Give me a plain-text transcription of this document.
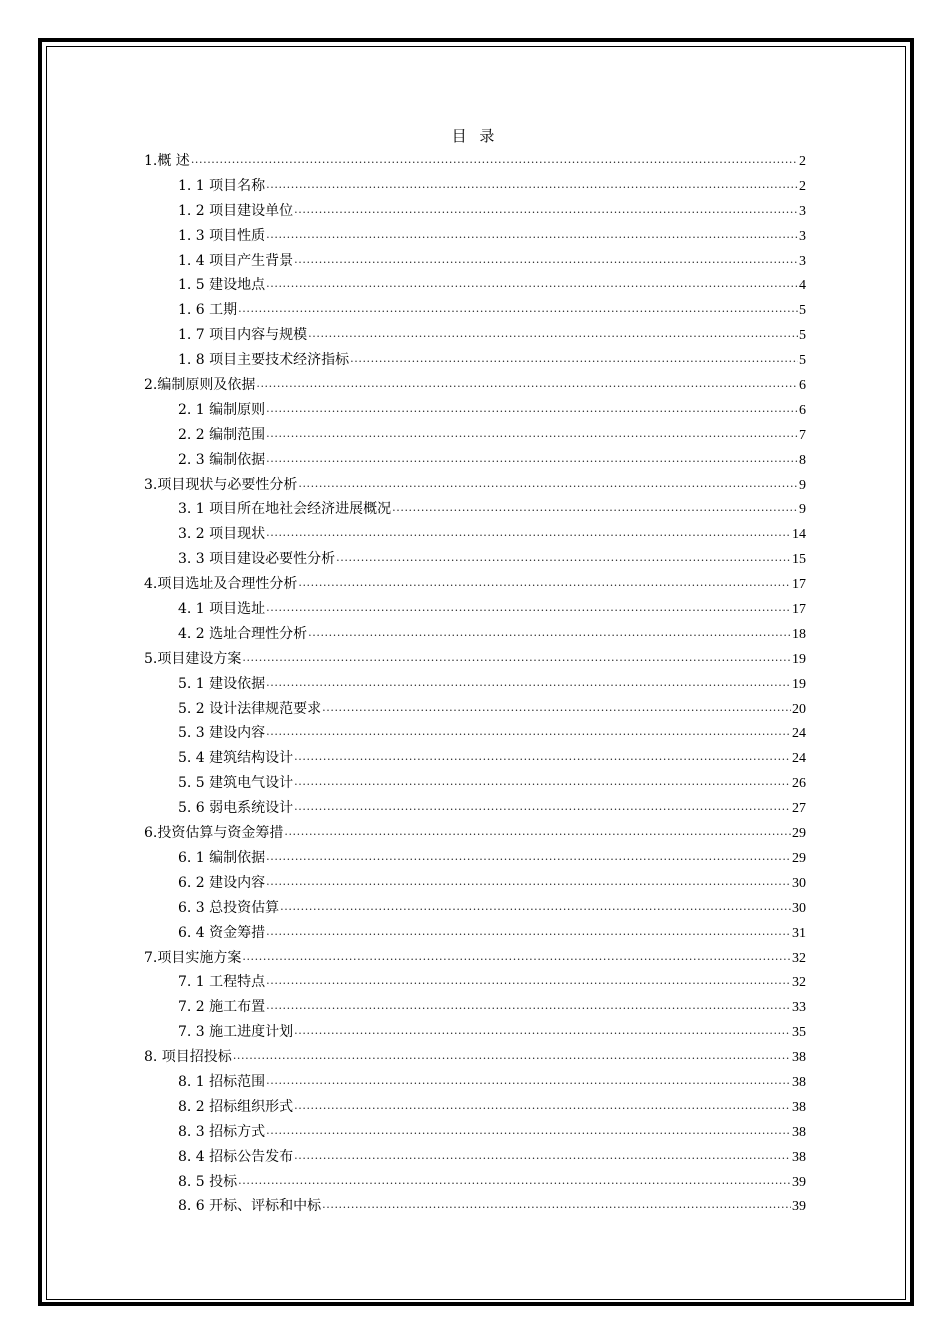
目 录
1.概 述 .....	2
1. 1 项目名称 .....	2
1. 2 项目建设单位 .....	3
1. 3 项目性质 .....	3
1. 4 项目产生背景 .....	3
1. 5 建设地点 .....	4
1. 6 工期 .....	5
1. 7 项目内容与规模 .....	5
1. 8 项目主要技术经济指标 .....	5
2.编制原则及依据 .....	6
2. 1 编制原则 .....	6
2. 2 编制范围 .....	7
2. 3 编制依据 .....	8
3.项目现状与必要性分析 .....	9
3. 1 项目所在地社会经济进展概况 .....	9
3. 2 项目现状 .....	14
3. 3 项目建设必要性分析 .....	15
4.项目选址及合理性分析 .....	17
4. 1 项目选址 .....	17
4. 2 选址合理性分析 .....	18
5.项目建设方案 .....	19
5. 1 建设依据 .....	19
5. 2 设计法律规范要求 .....	20
5. 3 建设内容 .....	24
5. 4 建筑结构设计 .....	24
5. 5 建筑电气设计 .....	26
5. 6 弱电系统设计 .....	27
6.投资估算与资金筹措 .....	29
6. 1 编制依据 .....	29
6. 2 建设内容 .....	30
6. 3 总投资估算 .....	30
6. 4 资金筹措 .....	31
7.项目实施方案 .....	32
7. 1 工程特点 .....	32
7. 2 施工布置 .....	33
7. 3 施工进度计划 .....	35
8. 项目招投标 .....	38
8. 1 招标范围 .....	38
8. 2 招标组织形式 .....	38
8. 3 招标方式 .....	38
8. 4 招标公告发布 .....	38
8. 5 投标 .....	39
8. 6 开标、评标和中标 .....	39
